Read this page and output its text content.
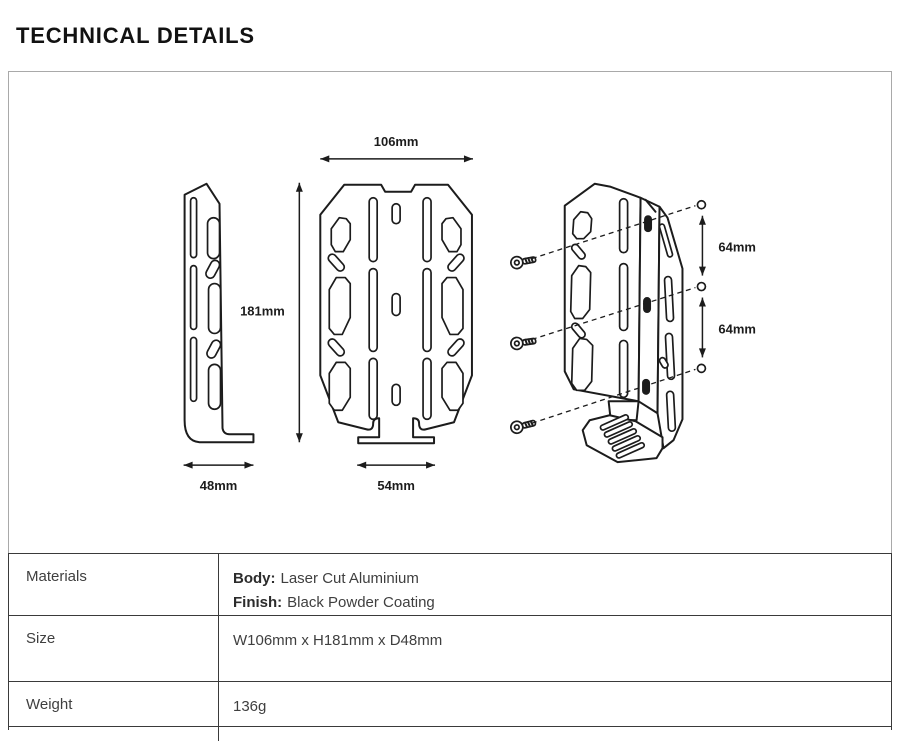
TECHNICAL DETAILS
48mm
106mm
181mm
54mm
64mm
64mm
Materials	Body: Laser Cut Aluminium
Finish: Black Powder Coating
Size	W106mm x H181mm x D48mm
Weight	136g
